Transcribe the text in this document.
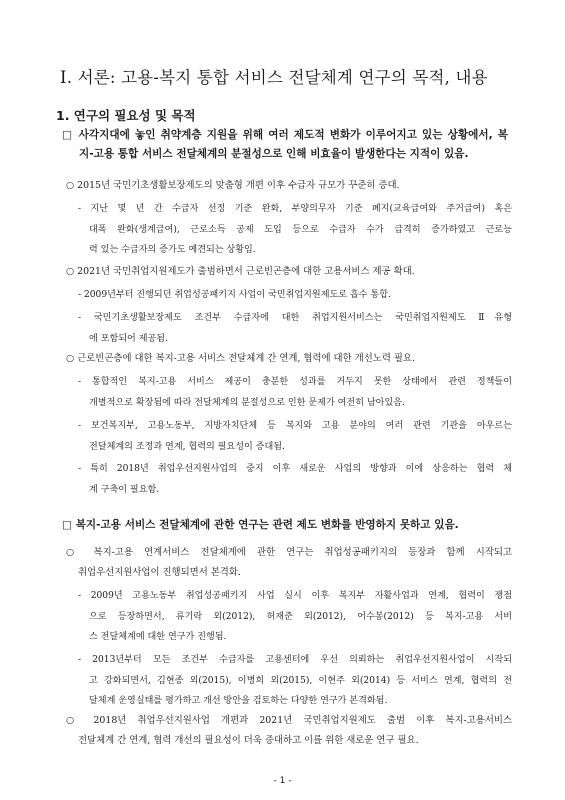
Ⅰ. 서론: 고용-복지 통합 서비스 전달체계 연구의 목적, 내용
1. 연구의 필요성 및 목적
□ 사각지대에 놓인 취약계층 지원을 위해 여러 제도적 변화가 이루어지고 있는 상황에서, 복
지-고용 통합 서비스 전달체계의 분절성으로 인해 비효율이 발생한다는 지적이 있음.
○ 2015년 국민기초생활보장제도의 맞춤형 개편 이후 수급자 규모가 꾸준히 증대.
- 지난 몇 년 간 수급자 선정 기준 완화, 부양의무자 기준 폐지(교육급여와 주거급여) 혹은
대폭 완화(생계급여), 근로소득 공제 도입 등으로 수급자 수가 급격히 증가하였고 근로능
력 있는 수급자의 증가도 예견되는 상황임.
○ 2021년 국민취업지원제도가 출범하면서 근로빈곤층에 대한 고용서비스 제공 확대.
- 2009년부터 진행되던 취업성공패키지 사업이 국민취업지원제도로 흡수 통합.
- 국민기초생활보장제도 조건부 수급자에 대한 취업지원서비스는 국민취업지원제도 Ⅱ유형
에 포함되어 제공됨.
○ 근로빈곤층에 대한 복지-고용 서비스 전달체계 간 연계, 협력에 대한 개선노력 필요.
- 통합적인 복지-고용 서비스 제공이 충분한 성과를 거두지 못한 상태에서 관련 정책들이
개별적으로 확장됨에 따라 전달체계의 분절성으로 인한 문제가 여전히 남아있음.
- 보건복지부, 고용노동부, 지방자치단체 등 복지와 고용 분야의 여러 관련 기관을 아우르는
전달체계의 조정과 연계, 협력의 필요성이 증대됨.
- 특히 2018년 취업우선지원사업의 중지 이후 새로운 사업의 방향과 이에 상응하는 협력 체
계 구축이 필요함.
□ 복지-고용 서비스 전달체계에 관한 연구는 관련 제도 변화를 반영하지 못하고 있음.
○ 복지-고용 연계서비스 전달체계에 관한 연구는 취업성공패키지의 등장과 함께 시작되고
취업우선지원사업이 진행되면서 본격화.
- 2009년 고용노동부 취업성공패키지 사업 실시 이후 복지부 자활사업과 연계, 협력이 쟁점
으로 등장하면서, 류기락 외(2012), 허재준 외(2012), 어수봉(2012) 등 복지-고용 서비
스 전달체계에 대한 연구가 진행됨.
- 2013년부터 모든 조건부 수급자를 고용센터에 우선 의뢰하는 취업우선지원사업이 시작되
고 강화되면서, 김현종 외(2015), 이병희 외(2015), 이현주 외(2014) 등 서비스 연계, 협력의 전
달체계 운영실태를 평가하고 개선 방안을 검토하는 다양한 연구가 본격화됨.
○ 2018년 취업우선지원사업 개편과 2021년 국민취업지원제도 출범 이후 복지-고용서비스
전달체계 간 연계, 협력 개선의 필요성이 더욱 증대하고 이를 위한 새로운 연구 필요.
- 1 -
